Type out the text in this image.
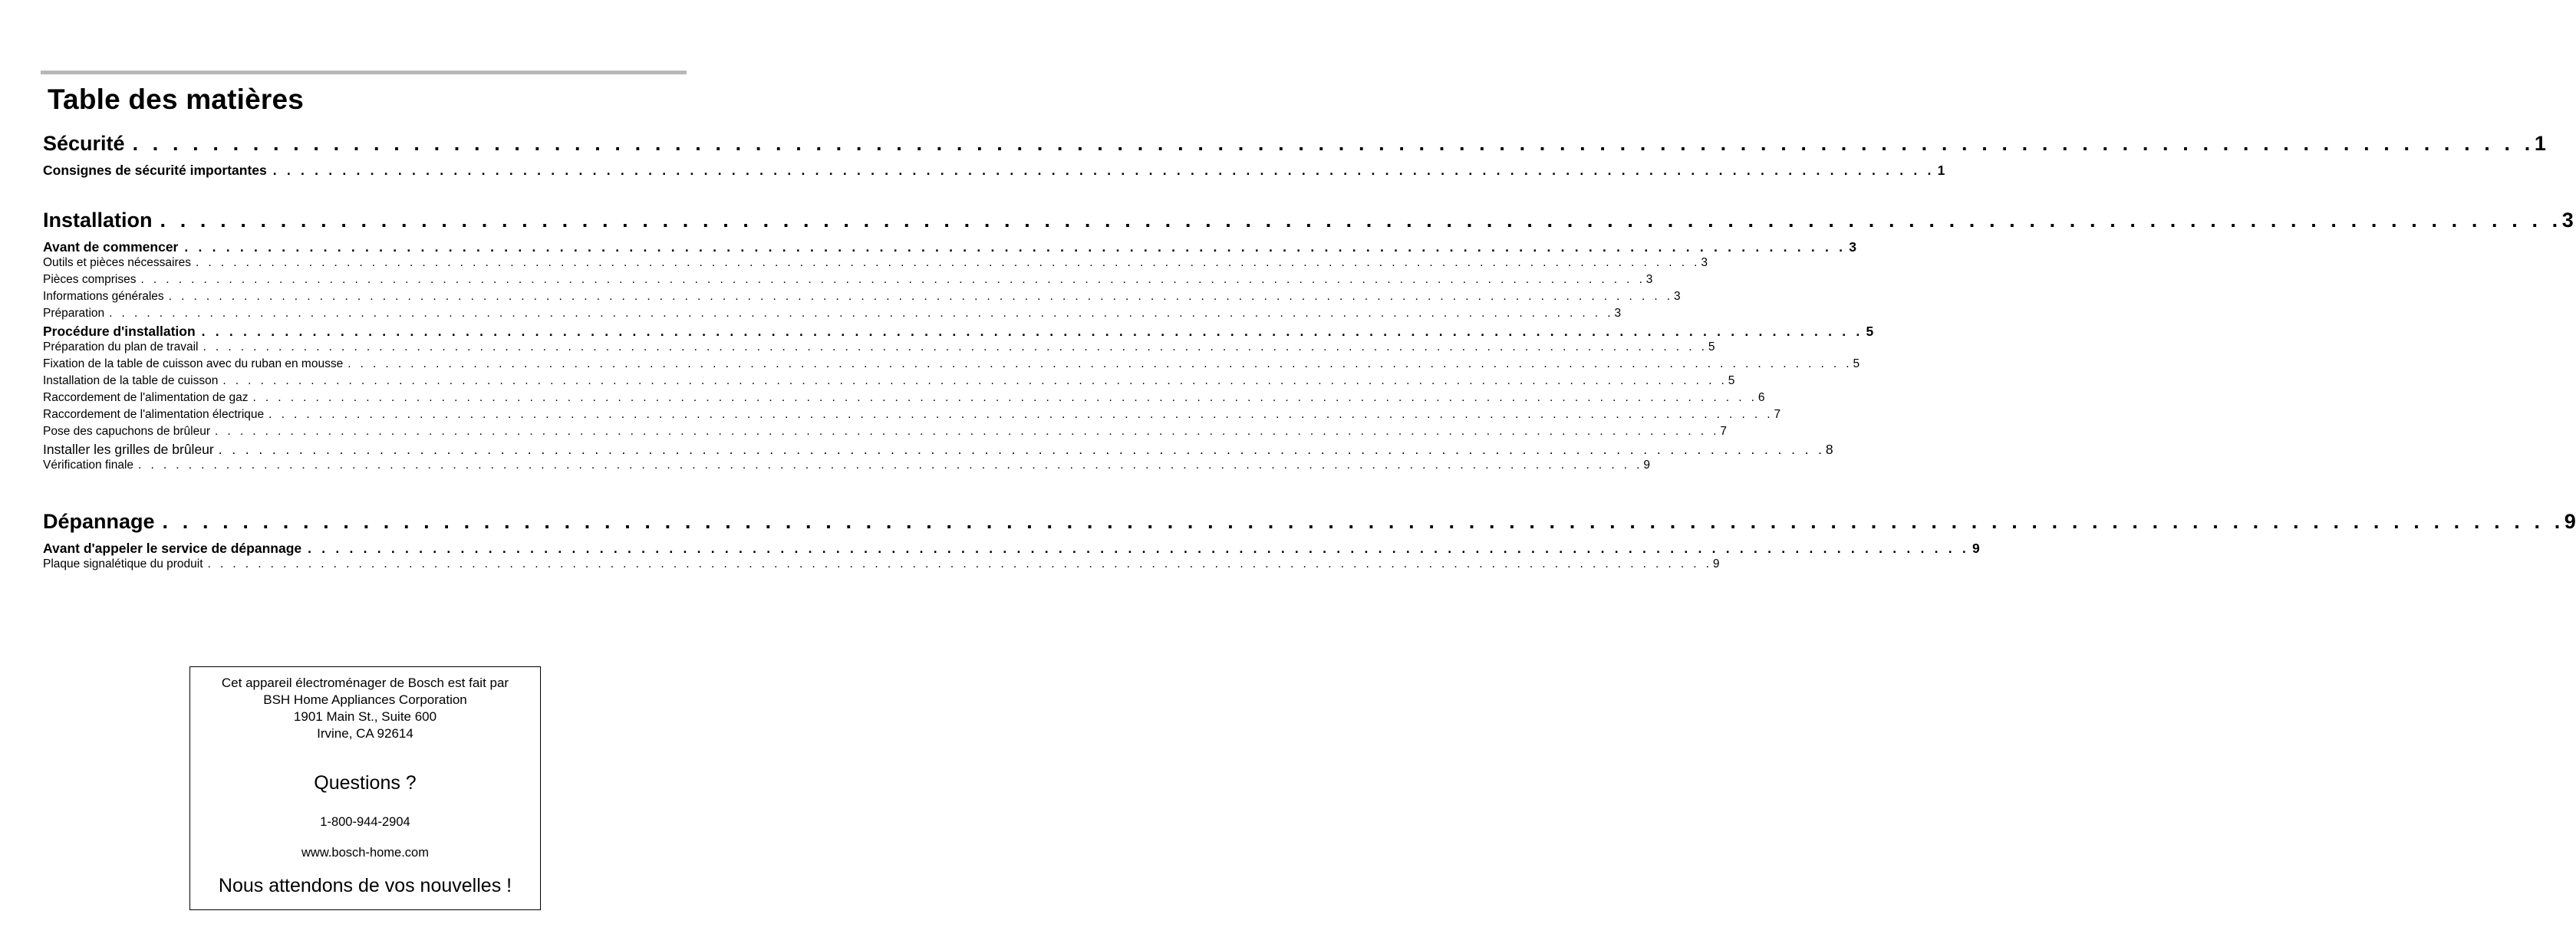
Table des matières
Sécurité . . . . . . . . . . . . . . . . . . . . . . . . . . . . . . . . . . . . . . . . . . . . . . . . . . . . . . . . . . . . . . . . . . . . . . . . . . . . . . . . . . . . . . . . . . . . . . . . . . . . . . . . . . . . . . . . . . . . . . . . 1
Consignes de sécurité importantes . . . . . . . . . . . . . . . . . . . . . . . . . . . . . . . . . . . . . . . . . . . . . . . . . . . . . . . . . . . . . . . . . . . . . . . . . . . . . . . . . . . . . . . . . . . . . . . . . . . . . . . . . . . . . . . . . . . . . . . . 1
Installation . . . . . . . . . . . . . . . . . . . . . . . . . . . . . . . . . . . . . . . . . . . . . . . . . . . . . . . . . . . . . . . . . . . . . . . . . . . . . . . . . . . . . . . . . . . . . . . . . . . . . . . . . . . . . . . . . . . . . . . . 3
Avant de commencer . . . . . . . . . . . . . . . . . . . . . . . . . . . . . . . . . . . . . . . . . . . . . . . . . . . . . . . . . . . . . . . . . . . . . . . . . . . . . . . . . . . . . . . . . . . . . . . . . . . . . . . . . . . . . . . . . . . . . . . . 3
Outils et pièces nécessaires . . . . . . . . . . . . . . . . . . . . . . . . . . . . . . . . . . . . . . . . . . . . . . . . . . . . . . . . . . . . . . . . . . . . . . . . . . . . . . . . . . . . . . . . . . . . . . . . . . . . . . . . . . . . . . . . . . . . . . . . 3
Pièces comprises . . . . . . . . . . . . . . . . . . . . . . . . . . . . . . . . . . . . . . . . . . . . . . . . . . . . . . . . . . . . . . . . . . . . . . . . . . . . . . . . . . . . . . . . . . . . . . . . . . . . . . . . . . . . . . . . . . . . . . . . 3
Informations générales . . . . . . . . . . . . . . . . . . . . . . . . . . . . . . . . . . . . . . . . . . . . . . . . . . . . . . . . . . . . . . . . . . . . . . . . . . . . . . . . . . . . . . . . . . . . . . . . . . . . . . . . . . . . . . . . . . . . . . . . 3
Préparation . . . . . . . . . . . . . . . . . . . . . . . . . . . . . . . . . . . . . . . . . . . . . . . . . . . . . . . . . . . . . . . . . . . . . . . . . . . . . . . . . . . . . . . . . . . . . . . . . . . . . . . . . . . . . . . . . . . . . . . . 3
Procédure d'installation . . . . . . . . . . . . . . . . . . . . . . . . . . . . . . . . . . . . . . . . . . . . . . . . . . . . . . . . . . . . . . . . . . . . . . . . . . . . . . . . . . . . . . . . . . . . . . . . . . . . . . . . . . . . . . . . . . . . . . . . 5
Préparation du plan de travail . . . . . . . . . . . . . . . . . . . . . . . . . . . . . . . . . . . . . . . . . . . . . . . . . . . . . . . . . . . . . . . . . . . . . . . . . . . . . . . . . . . . . . . . . . . . . . . . . . . . . . . . . . . . . . . . . . . . . . . . 5
Fixation de la table de cuisson avec du ruban en mousse . . . . . . . . . . . . . . . . . . . . . . . . . . . . . . . . . . . . . . . . . . . . . . . . . . . . . . . . . . . . . . . . . . . . . . . . . . . . . . . . . . . . . . . . . . . . . . . . . . . . . . . . . . . . . . . . . . . . . . . . 5
Installation de la table de cuisson . . . . . . . . . . . . . . . . . . . . . . . . . . . . . . . . . . . . . . . . . . . . . . . . . . . . . . . . . . . . . . . . . . . . . . . . . . . . . . . . . . . . . . . . . . . . . . . . . . . . . . . . . . . . . . . . . . . . . . . . 5
Raccordement de l'alimentation de gaz . . . . . . . . . . . . . . . . . . . . . . . . . . . . . . . . . . . . . . . . . . . . . . . . . . . . . . . . . . . . . . . . . . . . . . . . . . . . . . . . . . . . . . . . . . . . . . . . . . . . . . . . . . . . . . . . . . . . . . . . 6
Raccordement de l'alimentation électrique . . . . . . . . . . . . . . . . . . . . . . . . . . . . . . . . . . . . . . . . . . . . . . . . . . . . . . . . . . . . . . . . . . . . . . . . . . . . . . . . . . . . . . . . . . . . . . . . . . . . . . . . . . . . . . . . . . . . . . . . 7
Pose des capuchons de brûleur . . . . . . . . . . . . . . . . . . . . . . . . . . . . . . . . . . . . . . . . . . . . . . . . . . . . . . . . . . . . . . . . . . . . . . . . . . . . . . . . . . . . . . . . . . . . . . . . . . . . . . . . . . . . . . . . . . . . . . . . 7
Installer les grilles de brûleur . . . . . . . . . . . . . . . . . . . . . . . . . . . . . . . . . . . . . . . . . . . . . . . . . . . . . . . . . . . . . . . . . . . . . . . . . . . . . . . . . . . . . . . . . . . . . . . . . . . . . . . . . . . . . . . . . . . . . . . . 8
Vérification finale . . . . . . . . . . . . . . . . . . . . . . . . . . . . . . . . . . . . . . . . . . . . . . . . . . . . . . . . . . . . . . . . . . . . . . . . . . . . . . . . . . . . . . . . . . . . . . . . . . . . . . . . . . . . . . . . . . . . . . . . 9
Dépannage . . . . . . . . . . . . . . . . . . . . . . . . . . . . . . . . . . . . . . . . . . . . . . . . . . . . . . . . . . . . . . . . . . . . . . . . . . . . . . . . . . . . . . . . . . . . . . . . . . . . . . . . . . . . . . . . . . . . . . . . 9
Avant d'appeler le service de dépannage . . . . . . . . . . . . . . . . . . . . . . . . . . . . . . . . . . . . . . . . . . . . . . . . . . . . . . . . . . . . . . . . . . . . . . . . . . . . . . . . . . . . . . . . . . . . . . . . . . . . . . . . . . . . . . . . . . . . . . . . 9
Plaque signalétique du produit . . . . . . . . . . . . . . . . . . . . . . . . . . . . . . . . . . . . . . . . . . . . . . . . . . . . . . . . . . . . . . . . . . . . . . . . . . . . . . . . . . . . . . . . . . . . . . . . . . . . . . . . . . . . . . . . . . . . . . . . 9
Cet appareil électroménager de Bosch est fait par
BSH Home Appliances Corporation
1901 Main St., Suite 600
Irvine, CA 92614
Questions ?
1-800-944-2904
www.bosch-home.com
Nous attendons de vos nouvelles !
